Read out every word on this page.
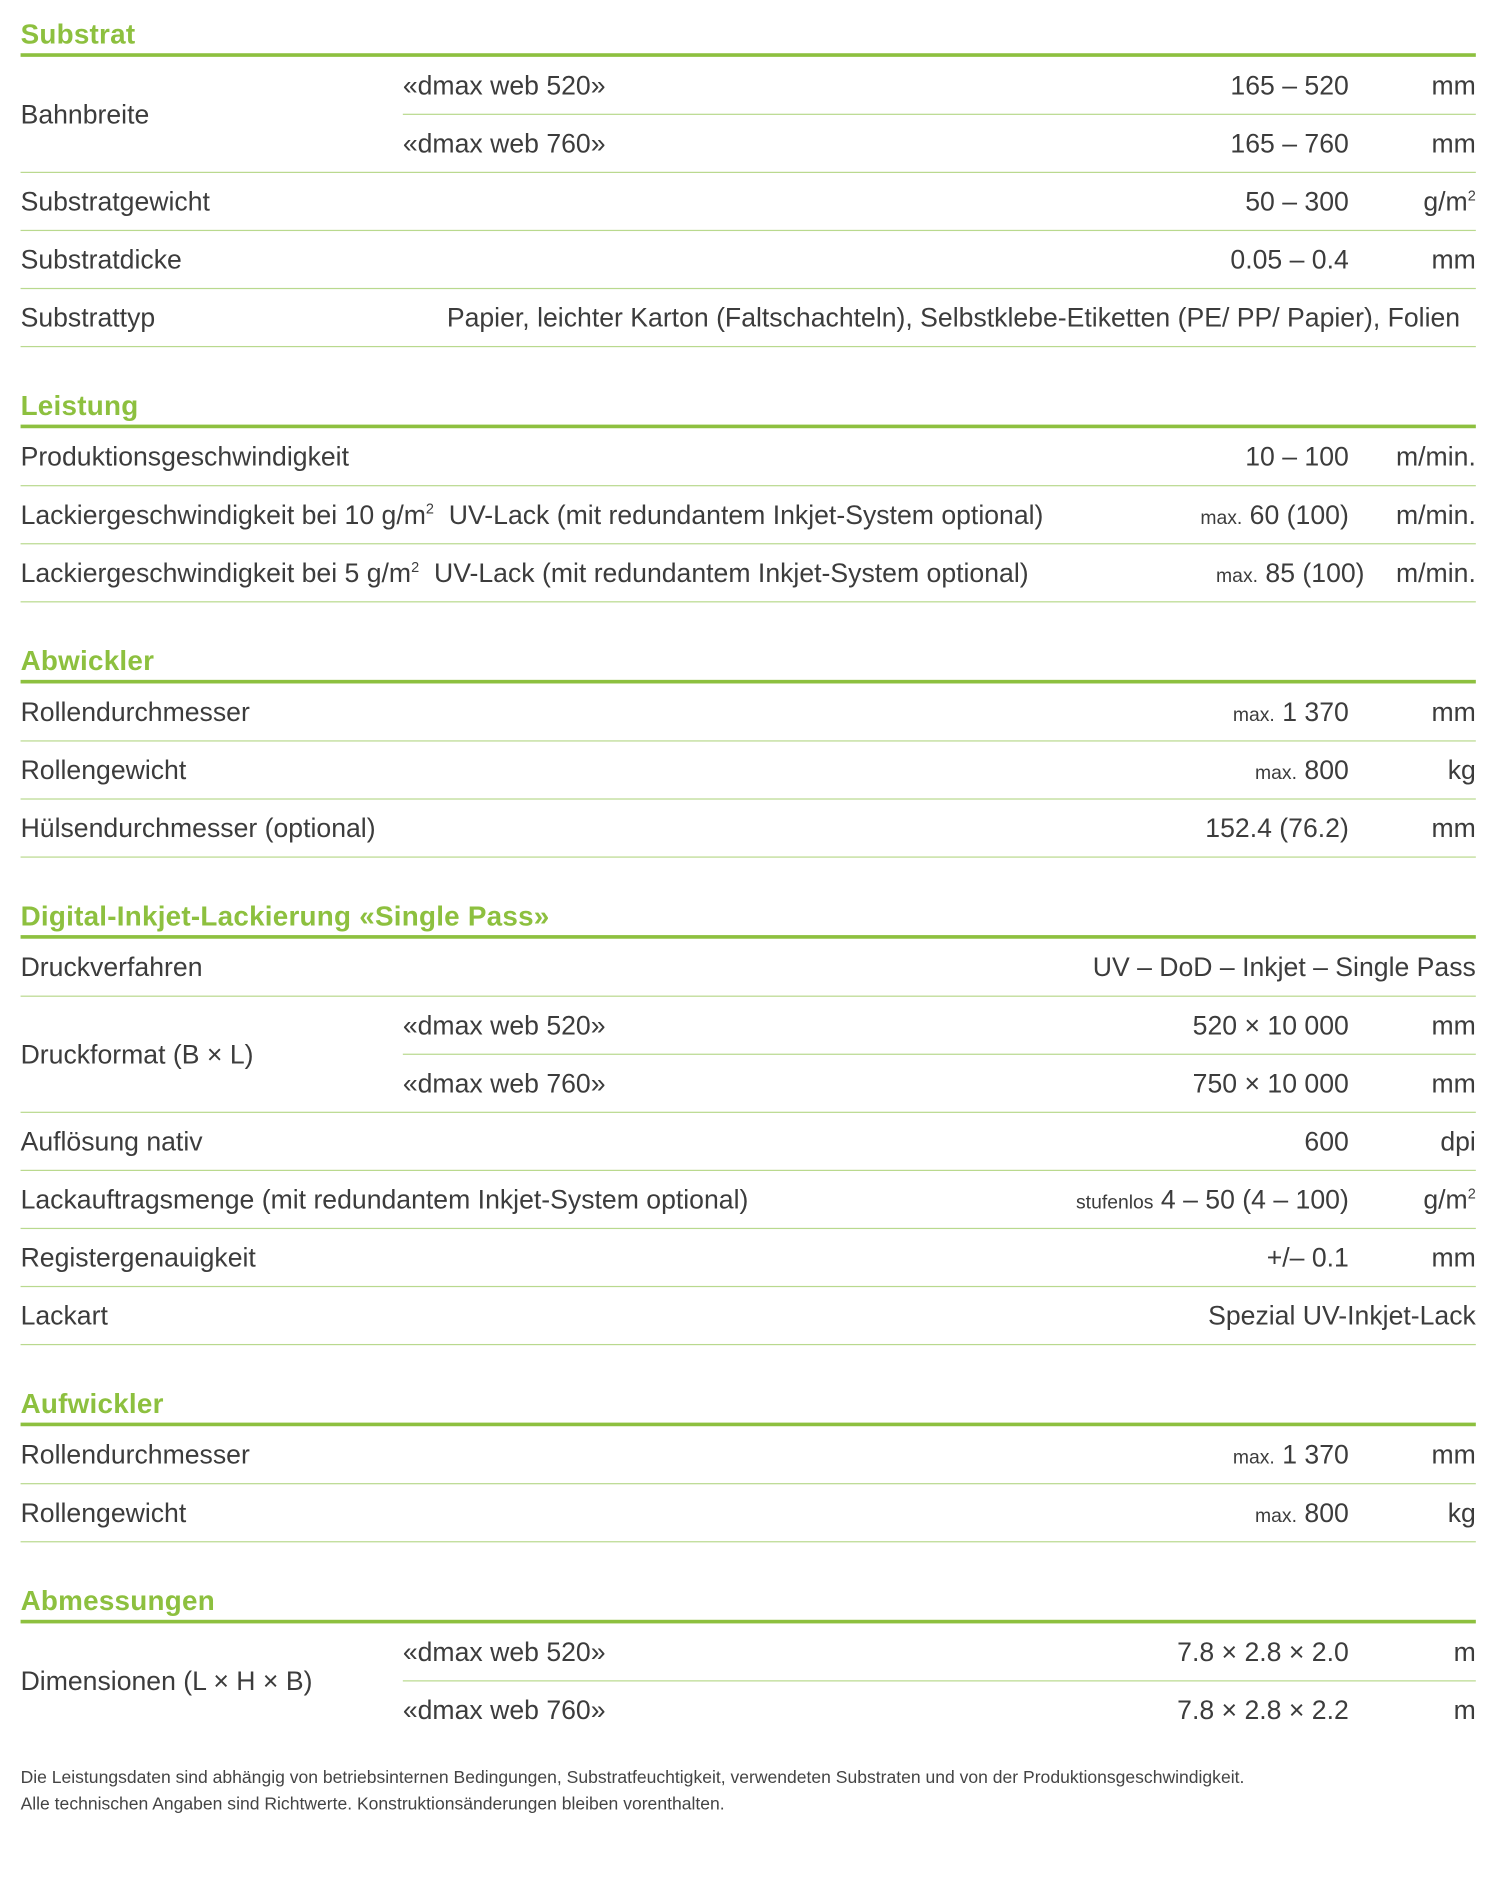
Substrat
Bahnbreite
«dmax web 520»	165 – 520	mm
«dmax web 760»	165 – 760	mm
Substratgewicht	50 – 300	$g/m^2$
Substratdicke	0.05 – 0.4	mm
Substrattyp	Papier, leichter Karton (Faltschachteln), Selbstklebe-Etiketten (PE/ PP/ Papier), Folien
Leistung
Produktionsgeschwindigkeit	10 – 100	m/min.
Lackiergeschwindigkeit bei 10 $g/m^2$  UV-Lack (mit redundantem Inkjet-System optional)	max. 60 (100)	m/min.
Lackiergeschwindigkeit bei 5 $g/m^2$  UV-Lack (mit redundantem Inkjet-System optional)	max. 85 (100)	m/min.
Abwickler
Rollendurchmesser	max. 1 370	mm
Rollengewicht	max. 800	kg
Hülsendurchmesser (optional)	152.4 (76.2)	mm
Digital-Inkjet-Lackierung «Single Pass»
Druckverfahren	UV – DoD – Inkjet – Single Pass
Druckformat (B × L)
«dmax web 520»	520 × 10 000	mm
«dmax web 760»	750 × 10 000	mm
Auflösung nativ	600	dpi
Lackauftragsmenge (mit redundantem Inkjet-System optional)	stufenlos 4 – 50 (4 – 100)	$g/m^2$
Registergenauigkeit	+/– 0.1	mm
Lackart	Spezial UV-Inkjet-Lack
Aufwickler
Rollendurchmesser	max. 1 370	mm
Rollengewicht	max. 800	kg
Abmessungen
Dimensionen (L × H × B)
«dmax web 520»	7.8 × 2.8 × 2.0	m
«dmax web 760»	7.8 × 2.8 × 2.2	m
Die Leistungsdaten sind abhängig von betriebsinternen Bedingungen, Substratfeuchtigkeit, verwendeten Substraten und von der Produktionsgeschwindigkeit.
Alle technischen Angaben sind Richtwerte. Konstruktionsänderungen bleiben vorenthalten.
